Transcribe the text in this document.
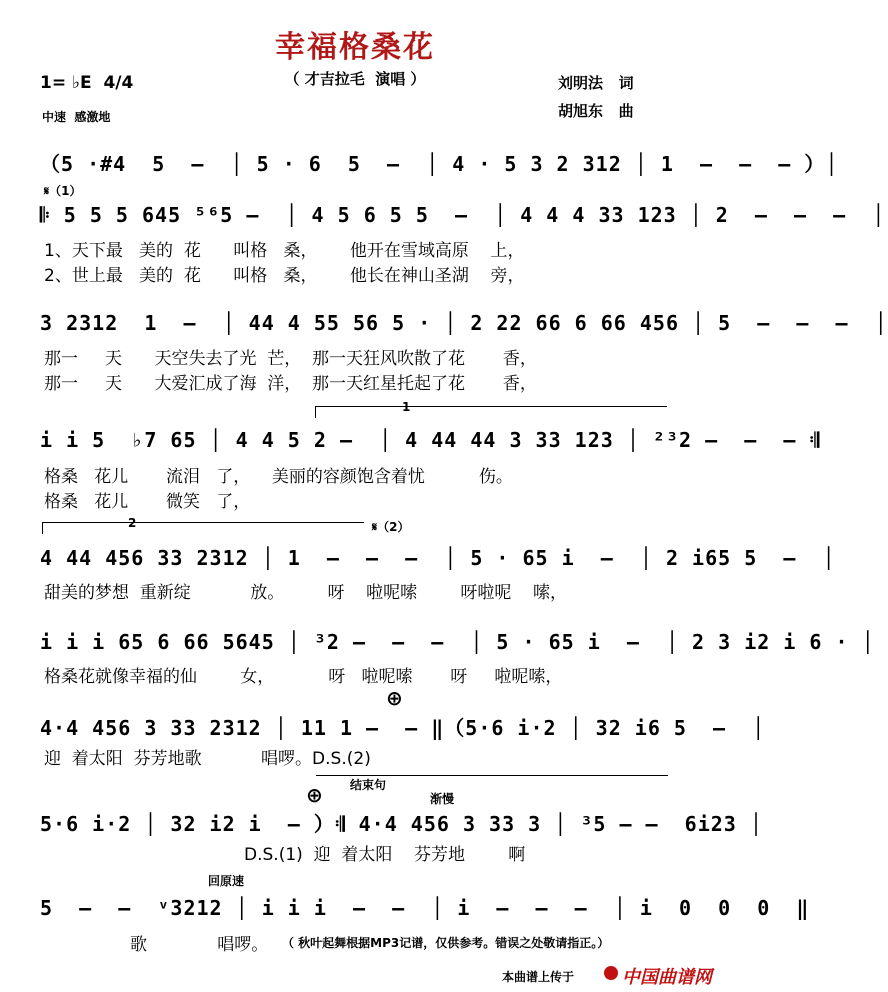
幸福格桑花
（ 才吉拉毛  演唱 ）
1= ♭E  4/4
中速  感激地
刘明法   词
胡旭东   曲
（5 ·#4  5  –  │ 5 · 6  5  –  │ 4 · 5 3 2 312 │ 1  –  –  – ）│
𝄋（1）
𝄆 5 5 5 645 ⁵⁶5 –  │ 4 5 6 5 5  –  │ 4 4 4 33 123 │ 2  –  –  –  │
1、天下最   美的  花      叫格   桑，      他开在雪域高原    上，
2、世上最   美的  花      叫格   桑，      他长在神山圣湖    旁，
3 2312  1  –  │ 44 4 55 56 5 · │ 2 22 66 6 66 456 │ 5  –  –  –  │
那一     天      天空失去了光  芒，  那一天狂风吹散了花       香，
那一     天      大爱汇成了海  洋，  那一天红星托起了花       香，
1
i i 5  ♭7 65 │ 4 4 5 2 –  │ 4 44 44 3 33 123 │ ²³2 –  –  – 𝄇
格桑   花儿       流泪   了，    美丽的容颜饱含着忧          伤。
格桑   花儿       微笑   了，
2	𝄋（2）
4 44 456 33 2312 │ 1  –  –  –  │ 5 · 65 i  –  │ 2 i65 5  –  │
甜美的梦想  重新绽           放。        呀    啦呢嗦        呀啦呢    嗦，
i i i 65 6 66 5645 │ ³2 –  –  –  │ 5 · 65 i  –  │ 2 3 i2 i 6 · │
格桑花就像幸福的仙        女，          呀   啦呢嗦       呀     啦呢嗦，
⊕
4·4 456 3 33 2312 │ 11 1 –  – ‖（5·6 i·2 │ 32 i6 5  –  │
迎  着太阳  芬芳地歌           唱啰。D.S.(2)
⊕ 结束句
渐慢
5·6 i·2 │ 32 i2 i  – ）𝄇 4·4 456 3 33 3 │ ³5 – –  6i23 │
D.S.(1)  迎  着太阳    芬芳地        啊
回原速
5  –  –  ᵛ3212 │ i i i  –  –  │ i  –  –  –  │ i  0  0  0  ‖
歌             唱啰。 （ 秋叶起舞根据MP3记谱，仅供参考。错误之处敬请指正。）
本曲谱上传于	中国曲谱网
